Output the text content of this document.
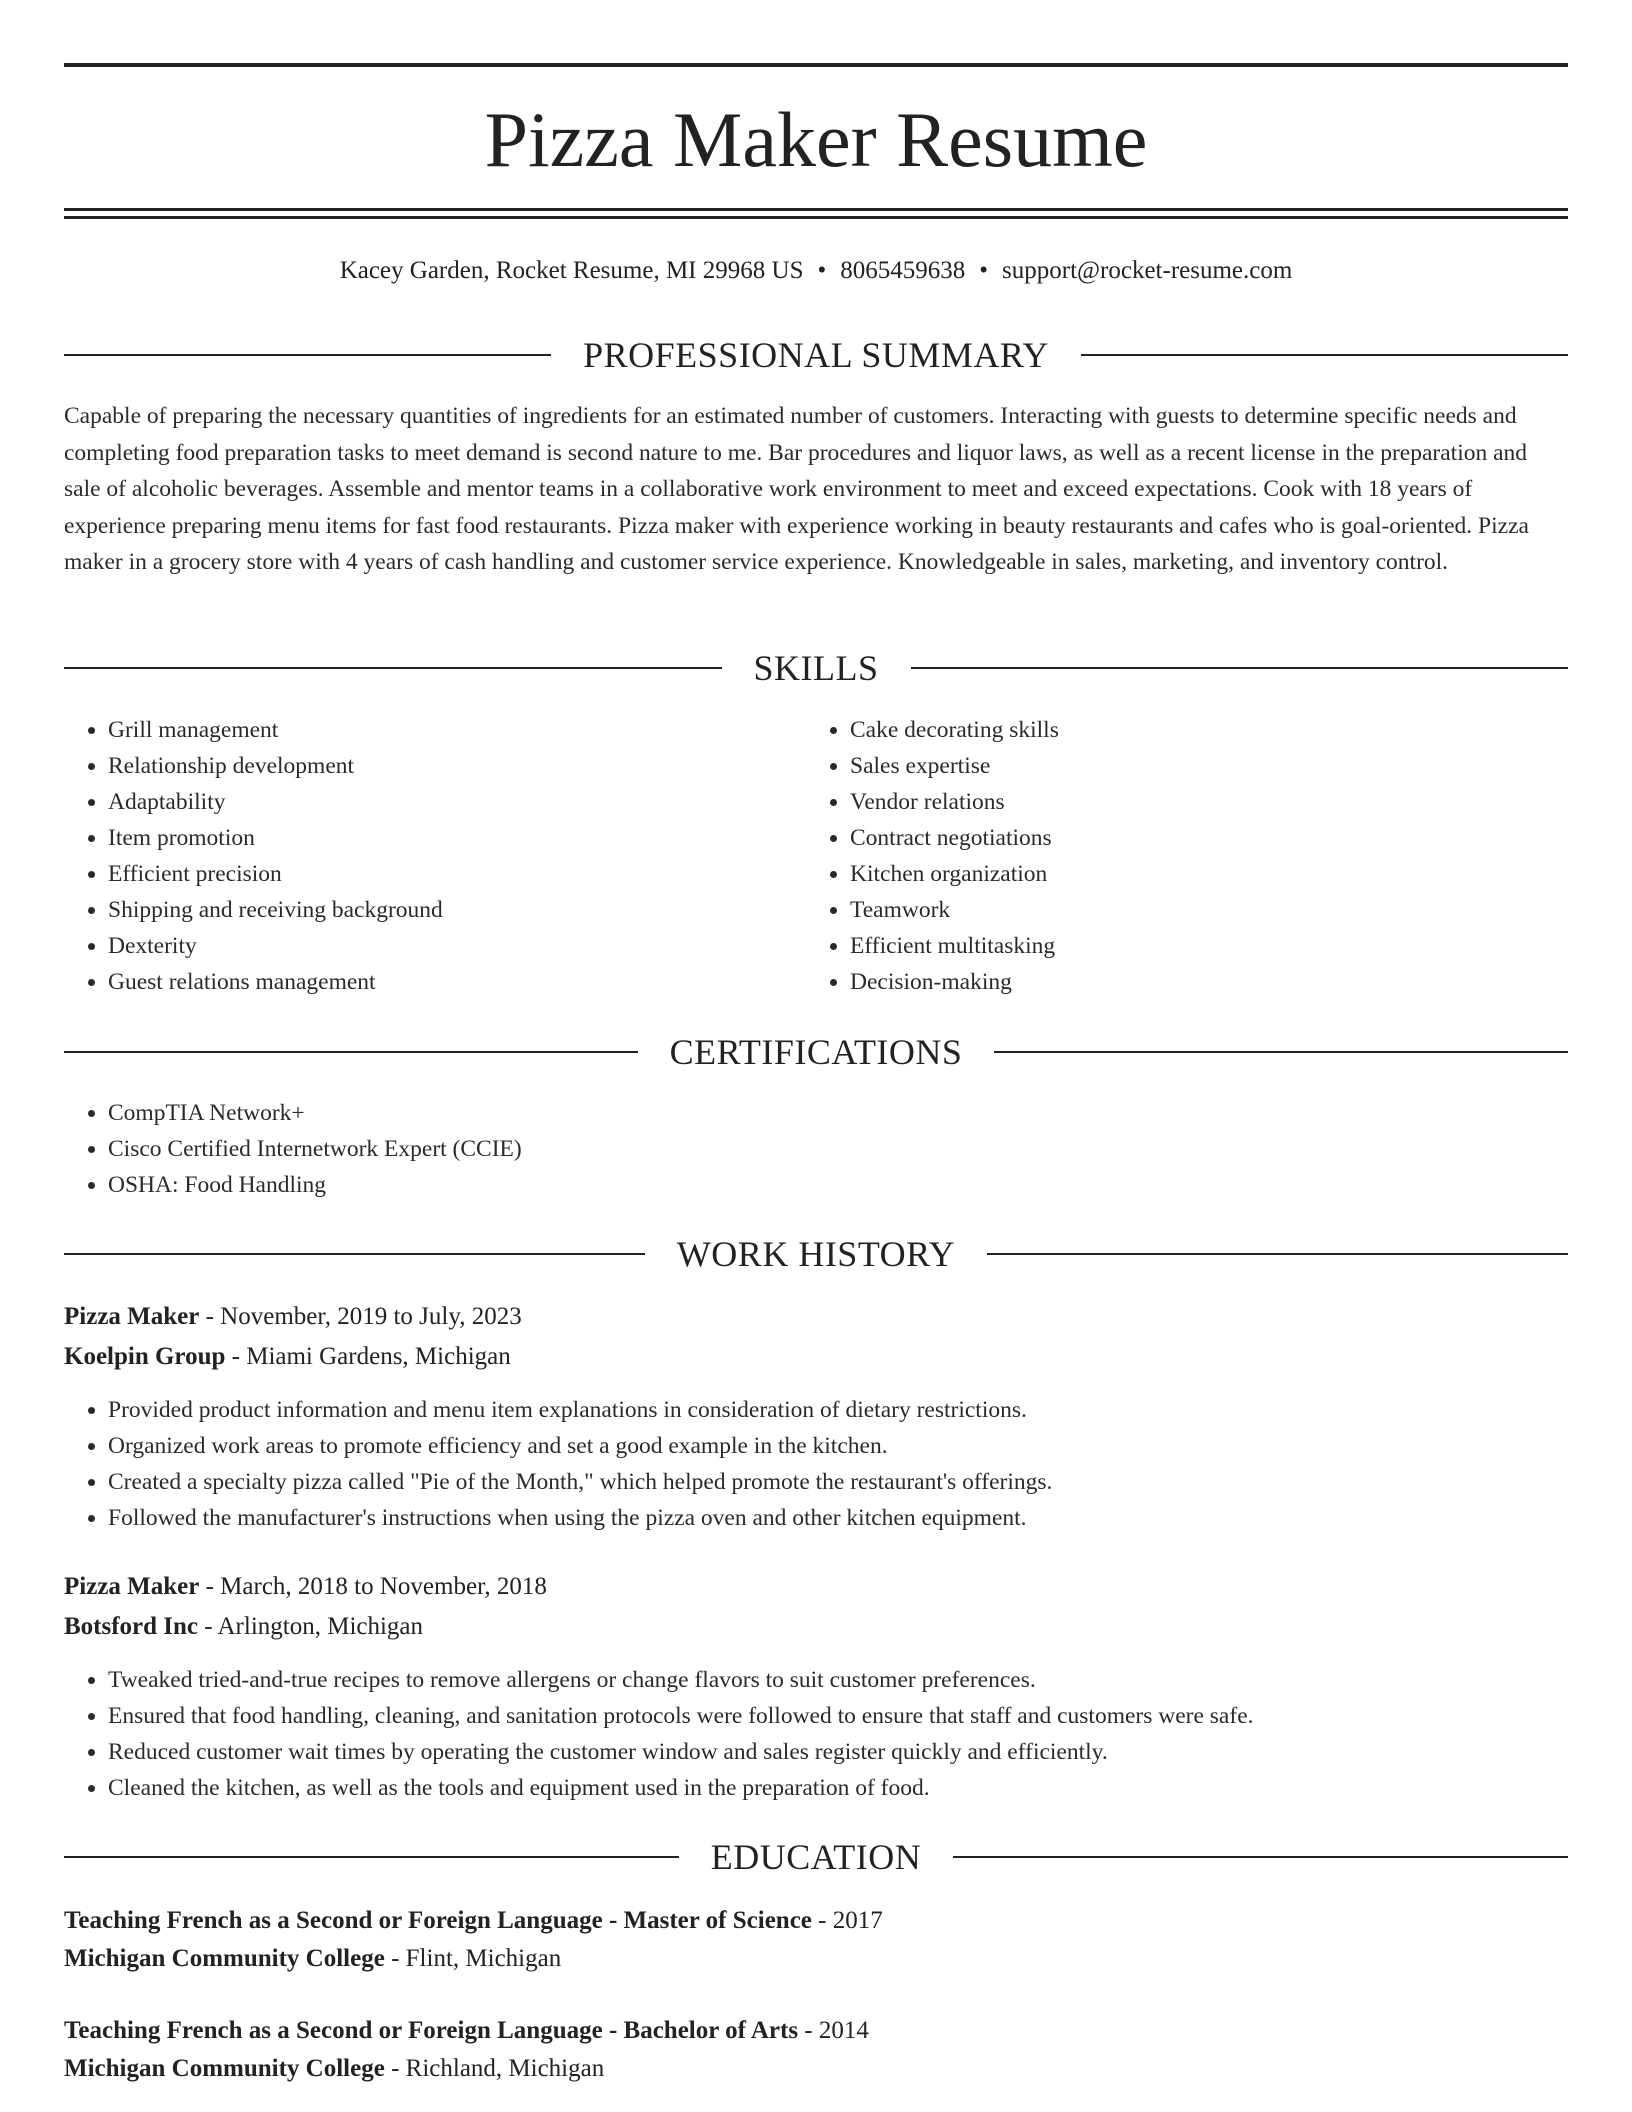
Pizza Maker Resume
Kacey Garden, Rocket Resume, MI 29968 US • 8065459638 • support@rocket-resume.com
PROFESSIONAL SUMMARY

Capable of preparing the necessary quantities of ingredients for an estimated number of customers. Interacting with guests to determine specific needs and completing food preparation tasks to meet demand is second nature to me. Bar procedures and liquor laws, as well as a recent license in the preparation and sale of alcoholic beverages. Assemble and mentor teams in a collaborative work environment to meet and exceed expectations. Cook with 18 years of experience preparing menu items for fast food restaurants. Pizza maker with experience working in beauty restaurants and cafes who is goal-oriented. Pizza maker in a grocery store with 4 years of cash handling and customer service experience. Knowledgeable in sales, marketing, and inventory control.

SKILLS
• Grill management
• Relationship development
• Adaptability
• Item promotion
• Efficient precision
• Shipping and receiving background
• Dexterity
• Guest relations management
• Cake decorating skills
• Sales expertise
• Vendor relations
• Contract negotiations
• Kitchen organization
• Teamwork
• Efficient multitasking
• Decision-making
CERTIFICATIONS
• CompTIA Network+
• Cisco Certified Internetwork Expert (CCIE)
• OSHA: Food Handling
WORK HISTORY
Pizza Maker - November, 2019 to July, 2023
Koelpin Group - Miami Gardens, Michigan
• Provided product information and menu item explanations in consideration of dietary restrictions.
• Organized work areas to promote efficiency and set a good example in the kitchen.
• Created a specialty pizza called "Pie of the Month," which helped promote the restaurant's offerings.
• Followed the manufacturer's instructions when using the pizza oven and other kitchen equipment.
Pizza Maker - March, 2018 to November, 2018
Botsford Inc - Arlington, Michigan
• Tweaked tried-and-true recipes to remove allergens or change flavors to suit customer preferences.
• Ensured that food handling, cleaning, and sanitation protocols were followed to ensure that staff and customers were safe.
• Reduced customer wait times by operating the customer window and sales register quickly and efficiently.
• Cleaned the kitchen, as well as the tools and equipment used in the preparation of food.
EDUCATION
Teaching French as a Second or Foreign Language - Master of Science - 2017
Michigan Community College - Flint, Michigan
Teaching French as a Second or Foreign Language - Bachelor of Arts - 2014
Michigan Community College - Richland, Michigan
